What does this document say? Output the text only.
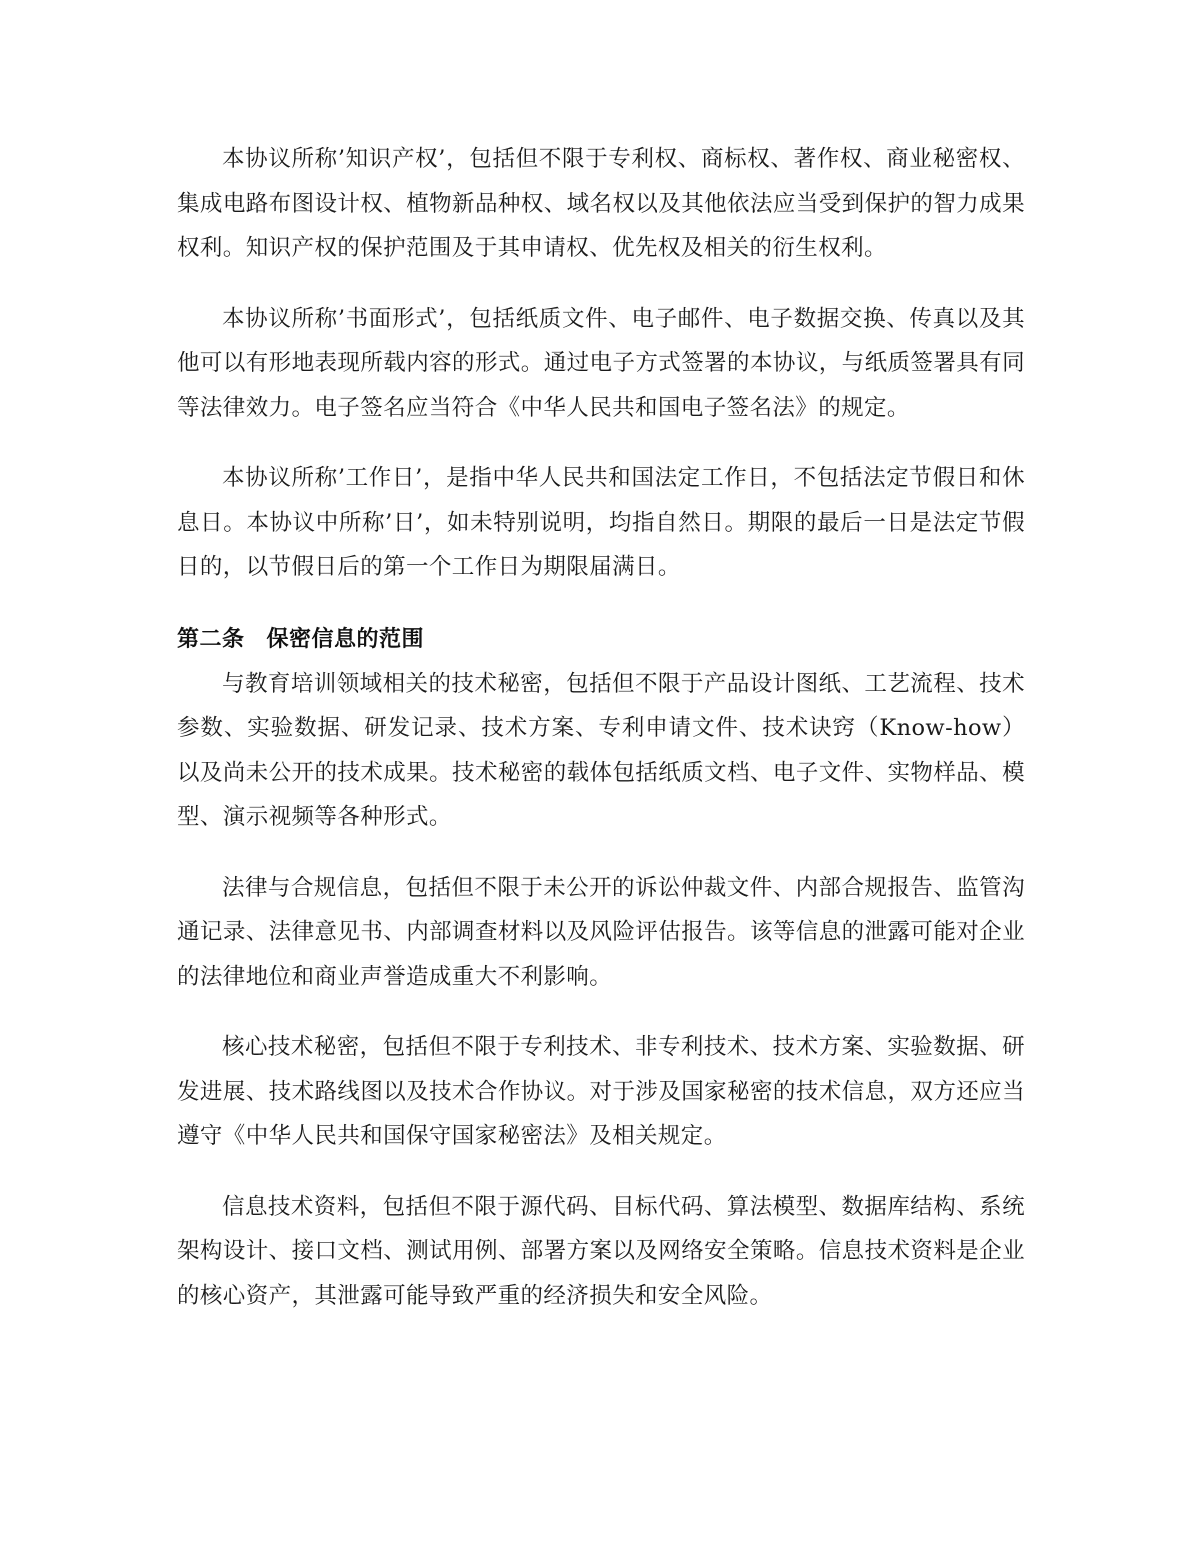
本协议所称’知识产权’，包括但不限于专利权、商标权、著作权、商业秘密权、集成电路布图设计权、植物新品种权、域名权以及其他依法应当受到保护的智力成果权利。知识产权的保护范围及于其申请权、优先权及相关的衍生权利。

本协议所称’书面形式’，包括纸质文件、电子邮件、电子数据交换、传真以及其他可以有形地表现所载内容的形式。通过电子方式签署的本协议，与纸质签署具有同等法律效力。电子签名应当符合《中华人民共和国电子签名法》的规定。

本协议所称’工作日’，是指中华人民共和国法定工作日，不包括法定节假日和休息日。本协议中所称’日’，如未特别说明，均指自然日。期限的最后一日是法定节假日的，以节假日后的第一个工作日为期限届满日。

第二条 保密信息的范围

与教育培训领域相关的技术秘密，包括但不限于产品设计图纸、工艺流程、技术参数、实验数据、研发记录、技术方案、专利申请文件、技术诀窍（Know-how）以及尚未公开的技术成果。技术秘密的载体包括纸质文档、电子文件、实物样品、模型、演示视频等各种形式。

法律与合规信息，包括但不限于未公开的诉讼仲裁文件、内部合规报告、监管沟通记录、法律意见书、内部调查材料以及风险评估报告。该等信息的泄露可能对企业的法律地位和商业声誉造成重大不利影响。

核心技术秘密，包括但不限于专利技术、非专利技术、技术方案、实验数据、研发进展、技术路线图以及技术合作协议。对于涉及国家秘密的技术信息，双方还应当遵守《中华人民共和国保守国家秘密法》及相关规定。

信息技术资料，包括但不限于源代码、目标代码、算法模型、数据库结构、系统架构设计、接口文档、测试用例、部署方案以及网络安全策略。信息技术资料是企业的核心资产，其泄露可能导致严重的经济损失和安全风险。
